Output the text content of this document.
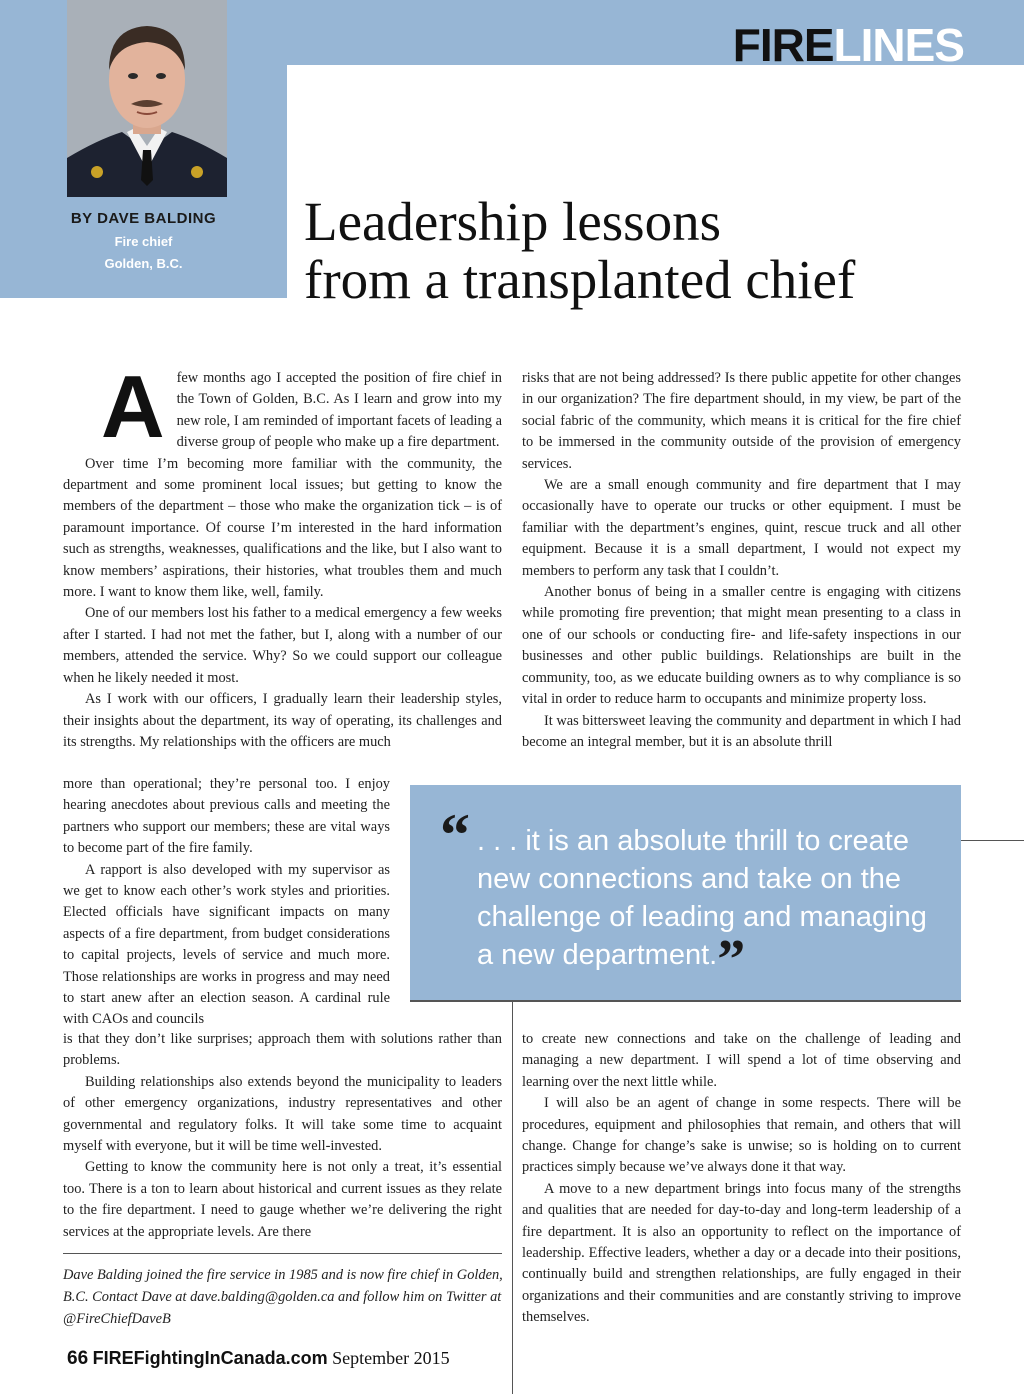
FIRELINES
BY DAVE BALDING
Fire chief
Golden, B.C.
Leadership lessons
from a transplanted chief

Afew months ago I accepted the position of fire chief in the Town of Golden, B.C. As I learn and grow into my new role, I am reminded of important facets of leading a diverse group of people who make up a fire department.

Over time I’m becoming more familiar with the community, the department and some prominent local issues; but getting to know the members of the department – those who make the organization tick – is of paramount importance. Of course I’m interested in the hard information such as strengths, weaknesses, qualifications and the like, but I also want to know members’ aspirations, their histories, what troubles them and much more. I want to know them like, well, family.

One of our members lost his father to a medical emergency a few weeks after I started. I had not met the father, but I, along with a number of our members, attended the service. Why? So we could support our colleague when he likely needed it most.

As I work with our officers, I gradually learn their leadership styles, their insights about the department, its way of operating, its challenges and its strengths. My relationships with the officers are much

more than operational; they’re personal too. I enjoy hearing anecdotes about previous calls and meeting the partners who support our members; these are vital ways to become part of the fire family.

A rapport is also developed with my supervisor as we get to know each other’s work styles and priorities. Elected officials have significant impacts on many aspects of a fire department, from budget considerations to capital projects, levels of service and much more. Those relationships are works in progress and may need to start anew after an election season. A cardinal rule with CAOs and councils

is that they don’t like surprises; approach them with solutions rather than problems.

Building relationships also extends beyond the municipality to leaders of other emergency organizations, industry representatives and other governmental and regulatory folks. It will take some time to acquaint myself with everyone, but it will be time well-invested.

Getting to know the community here is not only a treat, it’s essential too. There is a ton to learn about historical and current issues as they relate to the fire department. I need to gauge whether we’re delivering the right services at the appropriate levels. Are there

risks that are not being addressed? Is there public appetite for other changes in our organization? The fire department should, in my view, be part of the social fabric of the community, which means it is critical for the fire chief to be immersed in the community outside of the provision of emergency services.

We are a small enough community and fire department that I may occasionally have to operate our trucks or other equipment. I must be familiar with the department’s engines, quint, rescue truck and all other equipment. Because it is a small department, I would not expect my members to perform any task that I couldn’t.

Another bonus of being in a smaller centre is engaging with citizens while promoting fire prevention; that might mean presenting to a class in one of our schools or conducting fire- and life-safety inspections in our businesses and other public buildings. Relationships are built in the community, too, as we educate building owners as to why compliance is so vital in order to reduce harm to occupants and minimize property loss.

It was bittersweet leaving the community and department in which I had become an integral member, but it is an absolute thrill

to create new connections and take on the challenge of leading and managing a new department. I will spend a lot of time observing and learning over the next little while.

I will also be an agent of change in some respects. There will be procedures, equipment and philosophies that remain, and others that will change. Change for change’s sake is unwise; so is holding on to current practices simply because we’ve always done it that way.

A move to a new department brings into focus many of the strengths and qualities that are needed for day-to-day and long-term leadership of a fire department. It is also an opportunity to reflect on the importance of leadership. Effective leaders, whether a day or a decade into their positions, continually build and strengthen relationships, are fully engaged in their organizations and their communities and are constantly striving to improve themselves.

“ . . . it is an absolute thrill to create new connections and take on the challenge of leading and managing a new department.”
Dave Balding joined the fire service in 1985 and is now fire chief in Golden, B.C. Contact Dave at dave.balding@golden.ca and follow him on Twitter at @FireChiefDaveB
66 FIREFightingInCanada.com September 2015
